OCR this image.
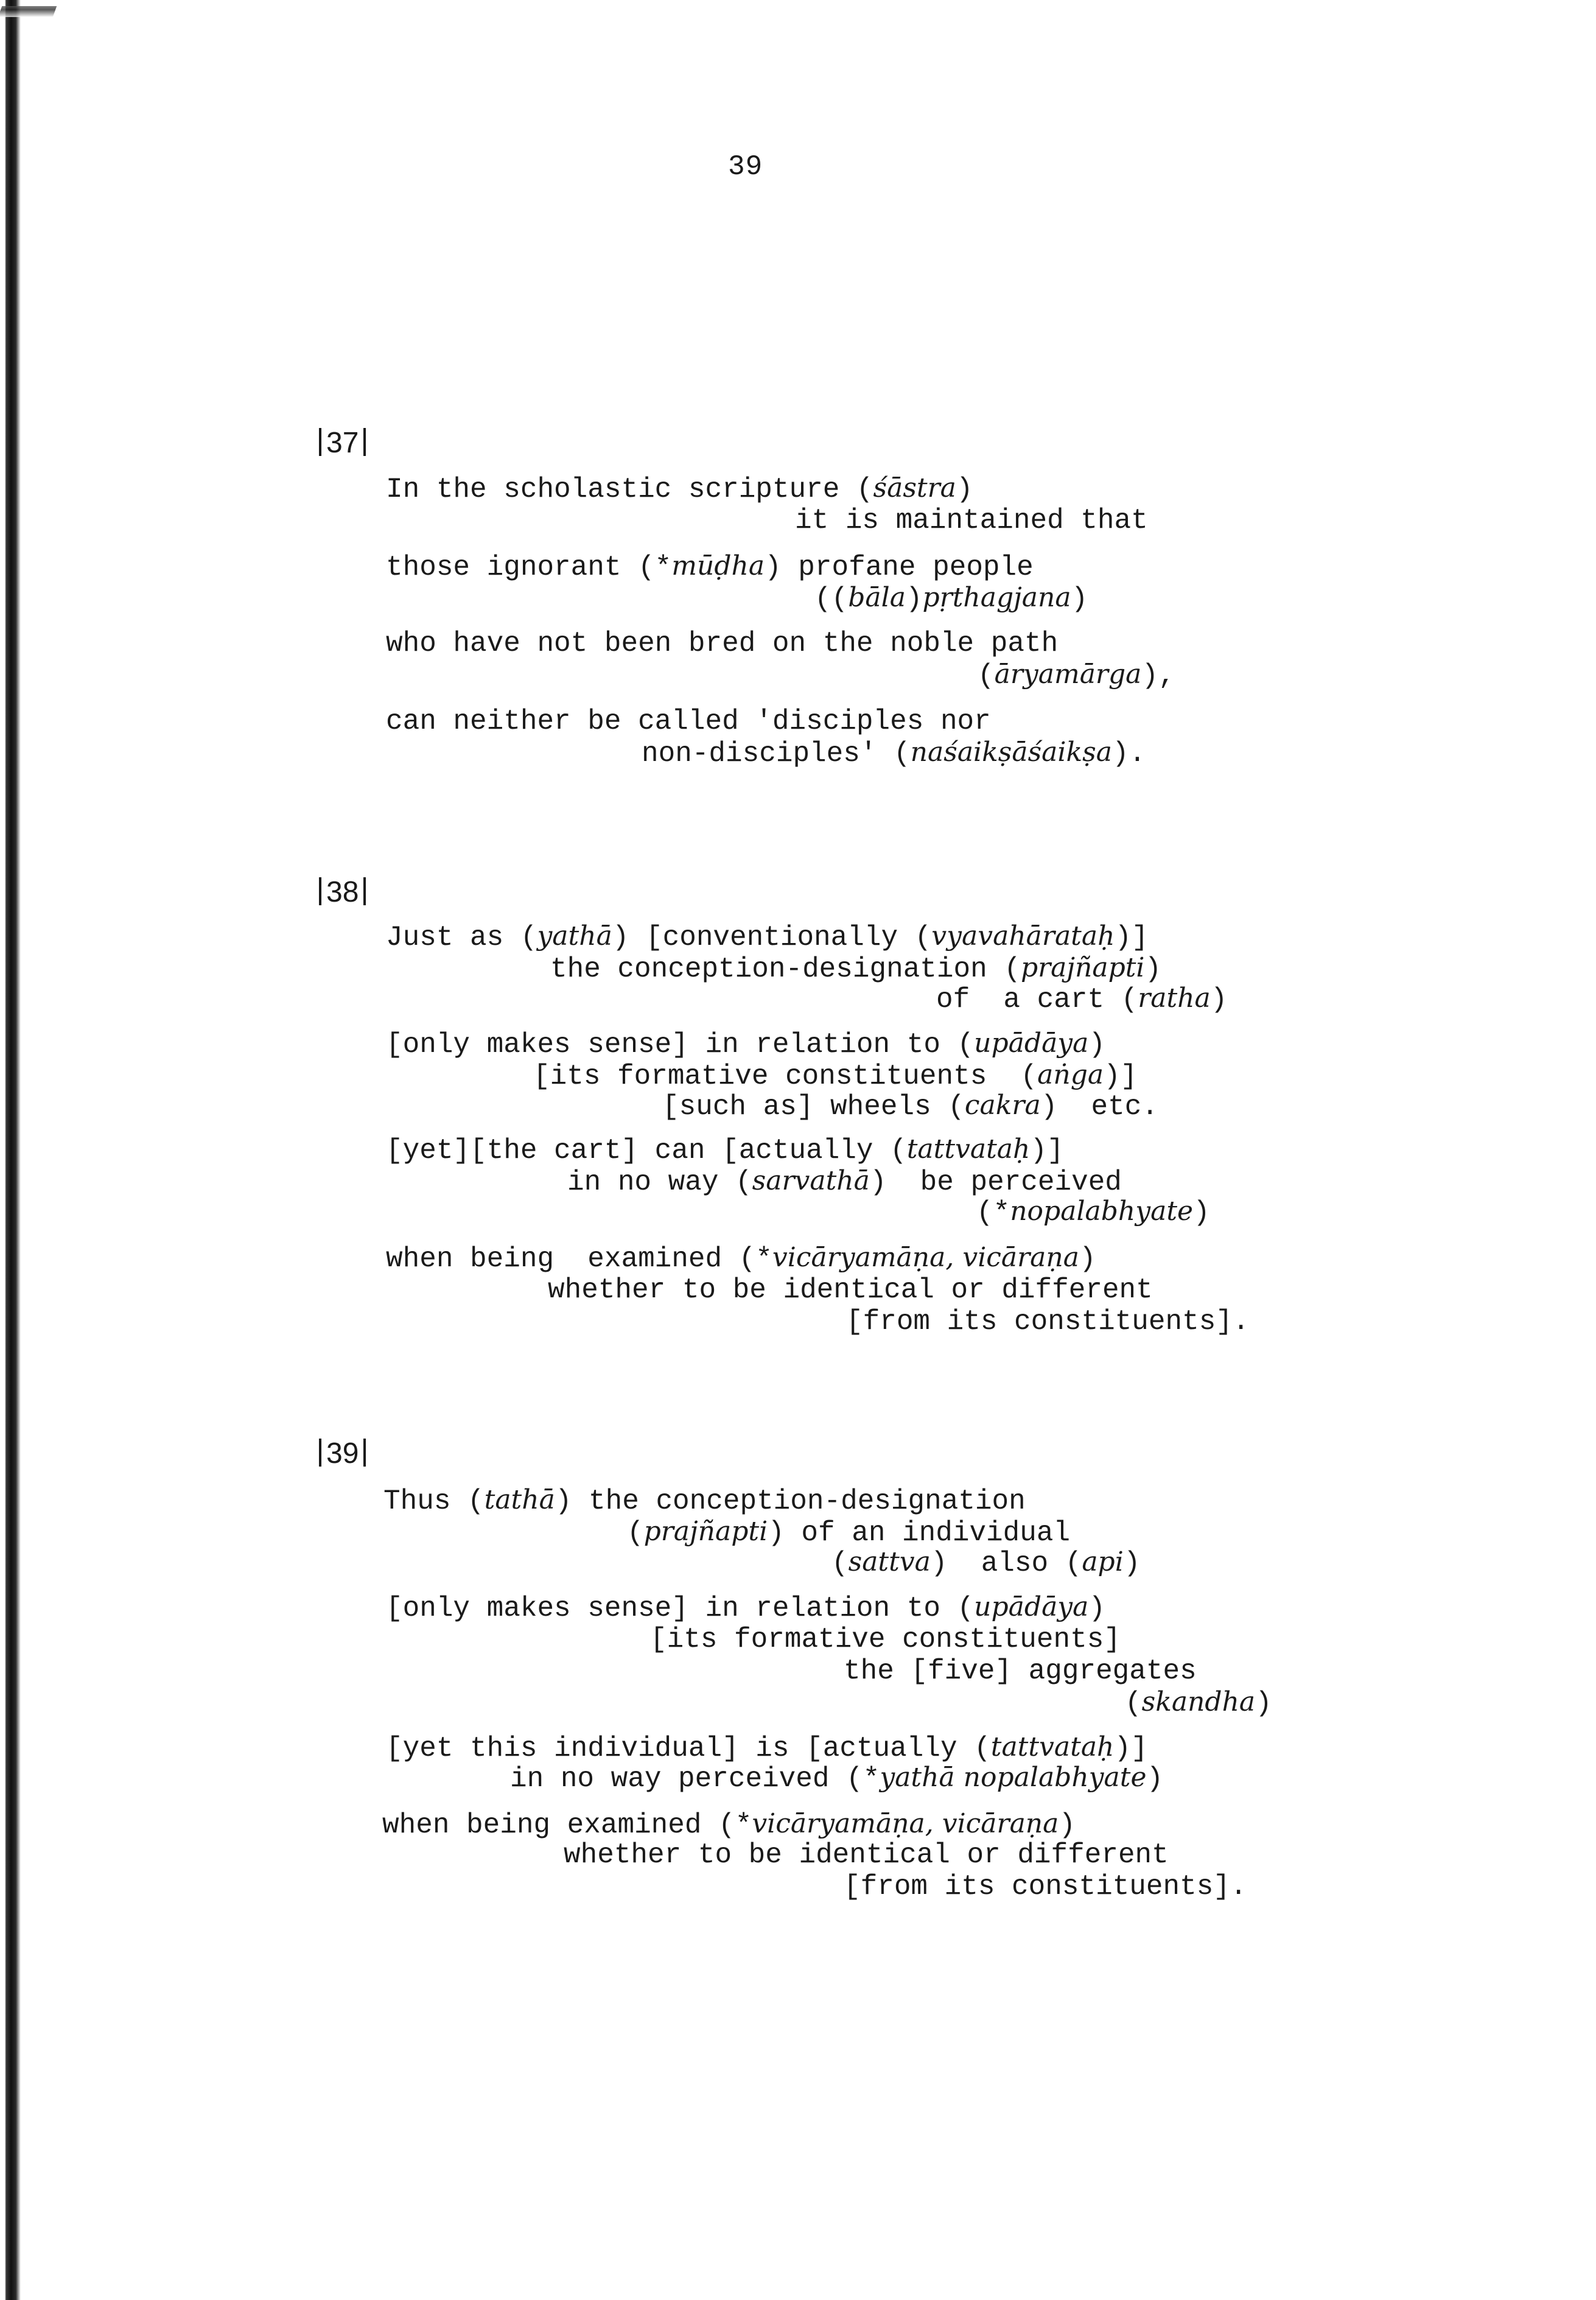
39
37
In the scholastic scripture (śāstra)
it is maintained that
those ignorant (*mūḍha) profane people
((bāla)pṛthagjana)
who have not been bred on the noble path
(āryamārga),
can neither be called 'disciples nor
non-disciples' (naśaikṣāśaikṣa).
38
Just as (yathā) [conventionally (vyavahārataḥ)]
the conception-designation (prajñapti)
of  a cart (ratha)
[only makes sense] in relation to (upādāya)
[its formative constituents  (aṅga)]
[such as] wheels (cakra)  etc.
[yet][the cart] can [actually (tattvataḥ)]
in no way (sarvathā)  be perceived
(*nopalabhyate)
when being  examined (*vicāryamāṇa, vicāraṇa)
whether to be identical or different
[from its constituents].
39
Thus (tathā) the conception-designation
(prajñapti) of an individual
(sattva)  also (api)
[only makes sense] in relation to (upādāya)
[its formative constituents]
the [five] aggregates
(skandha)
[yet this individual] is [actually (tattvataḥ)]
in no way perceived (*yathā nopalabhyate)
when being examined (*vicāryamāṇa, vicāraṇa)
whether to be identical or different
[from its constituents].
